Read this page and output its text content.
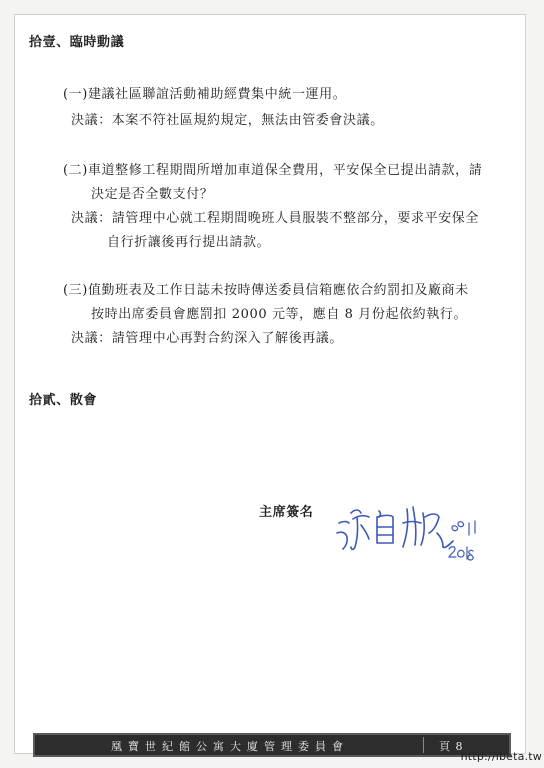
拾壹、臨時動議
(一)建議社區聯誼活動補助經費集中統一運用。
決議：本案不符社區規約規定，無法由管委會決議。
(二)車道整修工程期間所增加車道保全費用，平安保全已提出請款，請
決定是否全數支付？
決議：請管理中心就工程期間晚班人員服裝不整部分，要求平安保全
自行折讓後再行提出請款。
(三)值勤班表及工作日誌未按時傳送委員信箱應依合約罰扣及廠商未
按時出席委員會應罰扣 2000 元等，應自 8 月份起依約執行。
決議：請管理中心再對合約深入了解後再議。
拾貳、散會
主席簽名
凰寶世紀館公寓大廈管理委員會	頁 8
http://ibeta.tw
